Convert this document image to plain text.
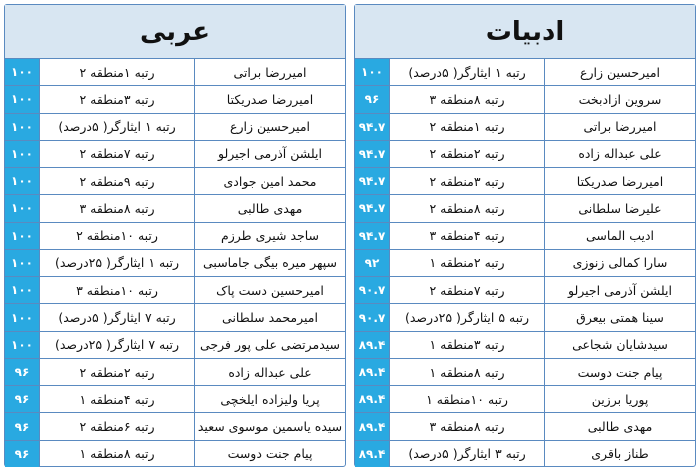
عربی
امیررضا براتی
رتبه ۱منطقه ۲
۱۰۰
امیررضا صدریکتا
رتبه ۳منطقه ۲
۱۰۰
امیرحسین زارع
رتبه ۱ ایثارگر( ۵درصد)
۱۰۰
ایلشن آذرمی اجیرلو
رتبه ۷منطقه ۲
۱۰۰
محمد امین جوادی
رتبه ۹منطقه ۲
۱۰۰
مهدی طالبی
رتبه ۸منطقه ۳
۱۰۰
ساجد شیری طرزم
رتبه ۱۰منطقه ۲
۱۰۰
سپهر میره بیگی جاماسبی
رتبه ۱ ایثارگر( ۲۵درصد)
۱۰۰
امیرحسین دست پاک
رتبه ۱۰منطقه ۳
۱۰۰
امیرمحمد سلطانی
رتبه ۷ ایثارگر( ۵درصد)
۱۰۰
سیدمرتضی علی پور فرجی
رتبه ۷ ایثارگر( ۲۵درصد)
۱۰۰
علی عبداله زاده
رتبه ۲منطقه ۲
۹۶
پریا ولیزاده ایلخچی
رتبه ۴منطقه ۱
۹۶
سیده یاسمین موسوی سعید
رتبه ۶منطقه ۲
۹۶
پیام جنت دوست
رتبه ۸منطقه ۱
۹۶
ادبیات
امیرحسین زارع
رتبه ۱ ایثارگر( ۵درصد)
۱۰۰
سروین ازادبخت
رتبه ۸منطقه ۳
۹۶
امیررضا براتی
رتبه ۱منطقه ۲
۹۴.۷
علی عبداله زاده
رتبه ۲منطقه ۲
۹۴.۷
امیررضا صدریکتا
رتبه ۳منطقه ۲
۹۴.۷
علیرضا سلطانی
رتبه ۸منطقه ۲
۹۴.۷
ادیب الماسی
رتبه ۴منطقه ۳
۹۴.۷
سارا کمالی زنوزی
رتبه ۲منطقه ۱
۹۲
ایلشن آذرمی اجیرلو
رتبه ۷منطقه ۲
۹۰.۷
سینا همتی بیعرق
رتبه ۵ ایثارگر( ۲۵درصد)
۹۰.۷
سیدشایان شجاعی
رتبه ۳منطقه ۱
۸۹.۴
پیام جنت دوست
رتبه ۸منطقه ۱
۸۹.۴
پوریا برزین
رتبه ۱۰منطقه ۱
۸۹.۴
مهدی طالبی
رتبه ۸منطقه ۳
۸۹.۴
طناز باقری
رتبه ۳ ایثارگر( ۵درصد)
۸۹.۴
